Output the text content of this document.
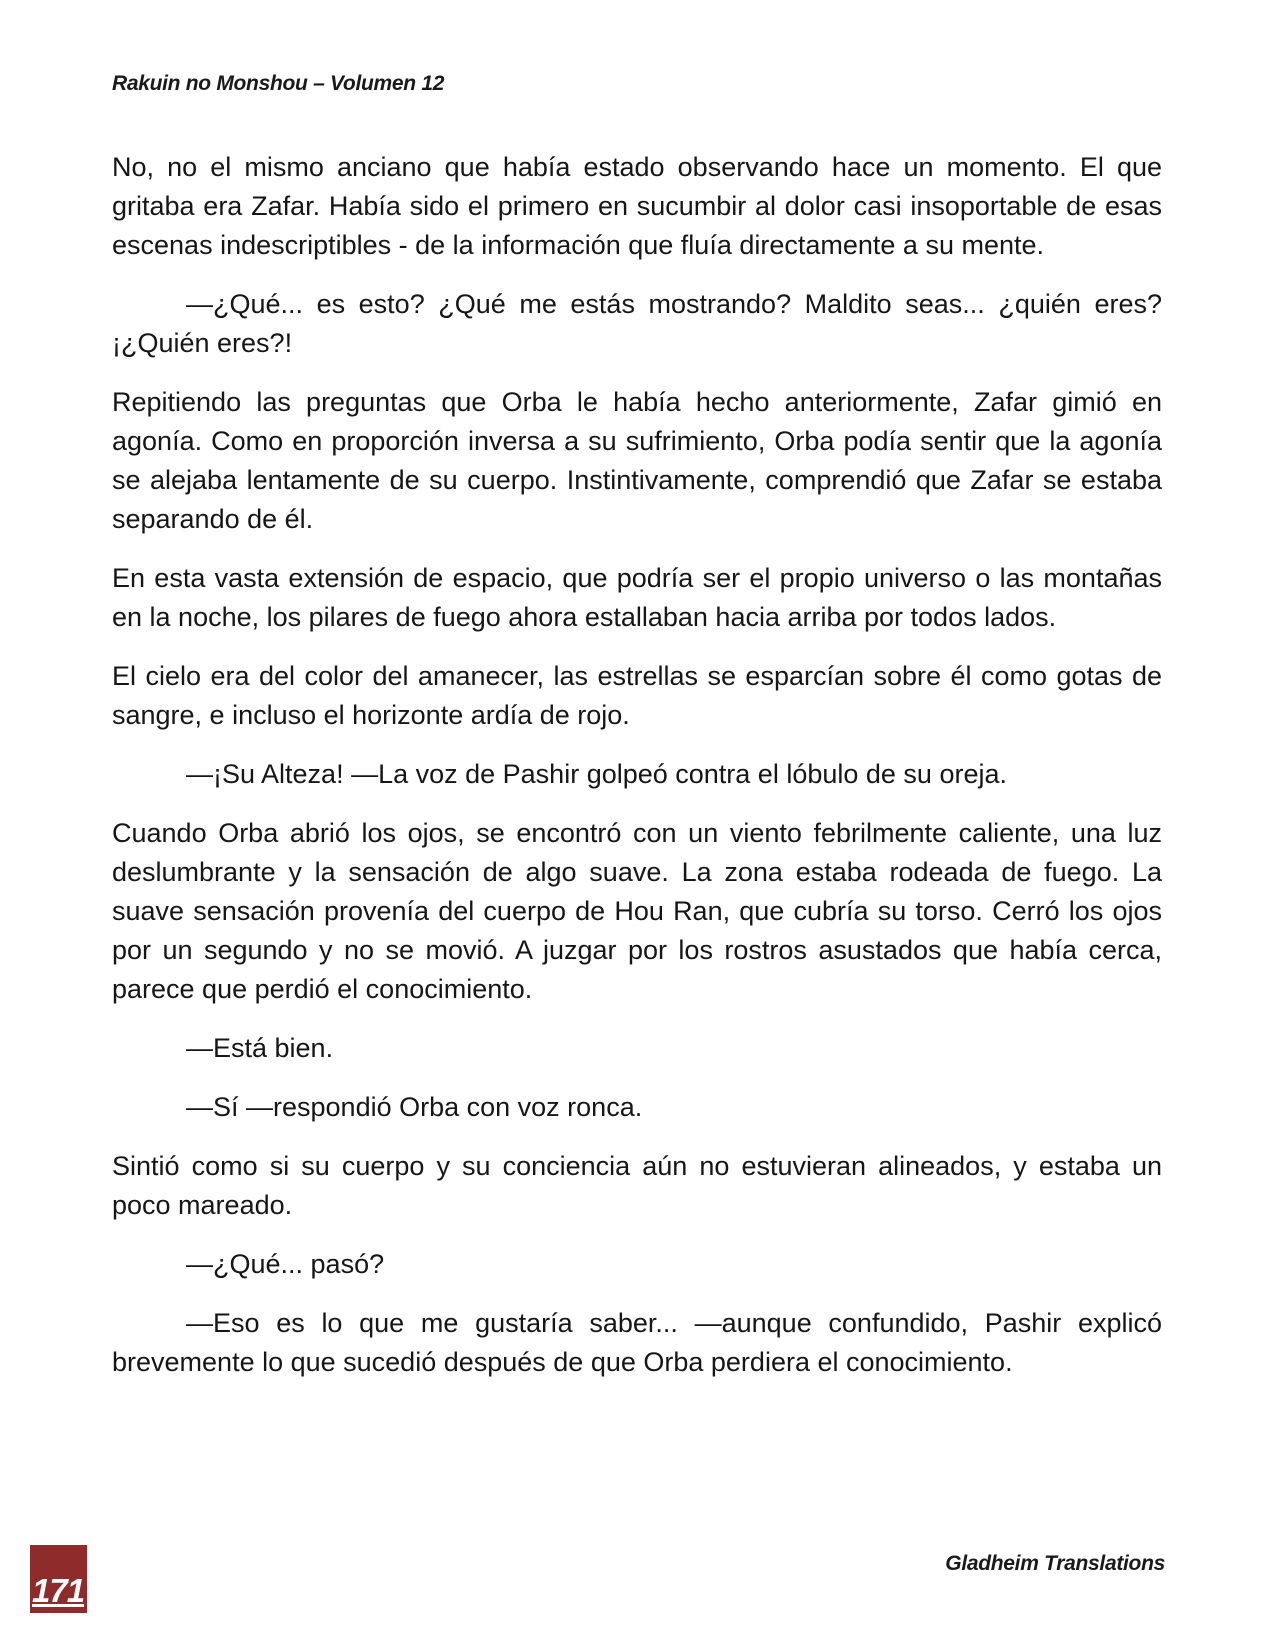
Rakuin no Monshou – Volumen 12

No, no el mismo anciano que había estado observando hace un momento. El que gritaba era Zafar. Había sido el primero en sucumbir al dolor casi insoportable de esas escenas indescriptibles - de la información que fluía directamente a su mente.

—¿Qué... es esto? ¿Qué me estás mostrando? Maldito seas... ¿quién eres? ¡¿Quién eres?!

Repitiendo las preguntas que Orba le había hecho anteriormente, Zafar gimió en agonía. Como en proporción inversa a su sufrimiento, Orba podía sentir que la agonía se alejaba lentamente de su cuerpo. Instintivamente, comprendió que Zafar se estaba separando de él.

En esta vasta extensión de espacio, que podría ser el propio universo o las montañas en la noche, los pilares de fuego ahora estallaban hacia arriba por todos lados.

El cielo era del color del amanecer, las estrellas se esparcían sobre él como gotas de sangre, e incluso el horizonte ardía de rojo.

—¡Su Alteza! —La voz de Pashir golpeó contra el lóbulo de su oreja.

Cuando Orba abrió los ojos, se encontró con un viento febrilmente caliente, una luz deslumbrante y la sensación de algo suave. La zona estaba rodeada de fuego. La suave sensación provenía del cuerpo de Hou Ran, que cubría su torso. Cerró los ojos por un segundo y no se movió. A juzgar por los rostros asustados que había cerca, parece que perdió el conocimiento.

—Está bien.

—Sí —respondió Orba con voz ronca.

Sintió como si su cuerpo y su conciencia aún no estuvieran alineados, y estaba un poco mareado.

—¿Qué... pasó?

—Eso es lo que me gustaría saber... —aunque confundido, Pashir explicó brevemente lo que sucedió después de que Orba perdiera el conocimiento.

171
Gladheim Translations
